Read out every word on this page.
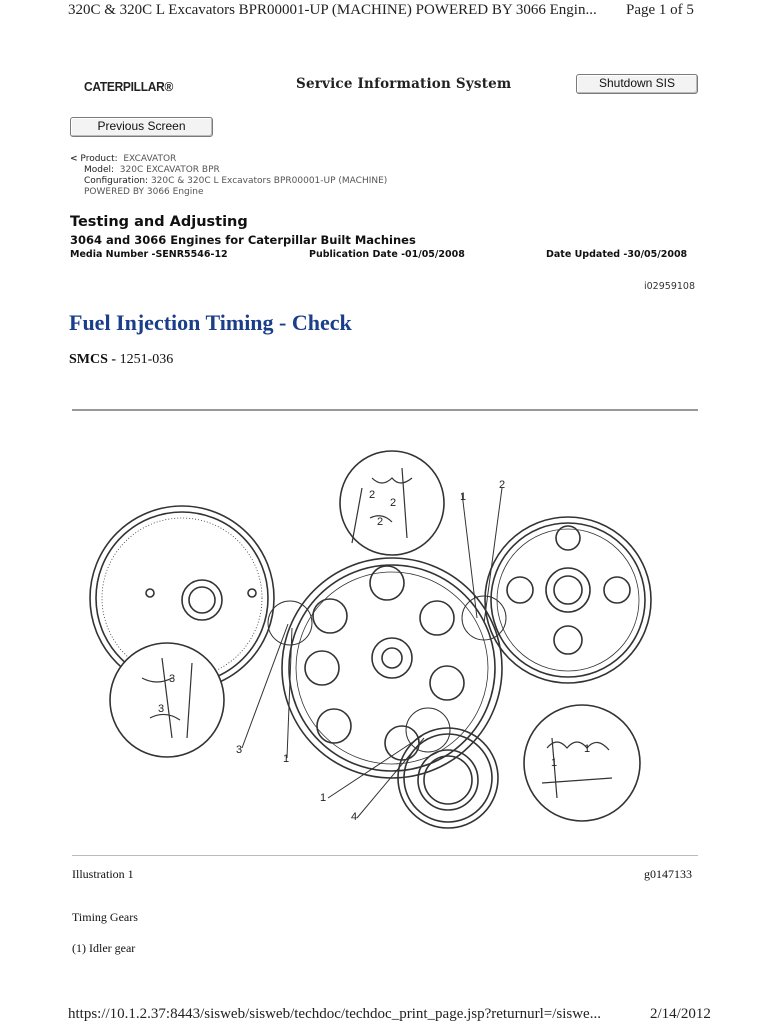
320C & 320C L Excavators BPR00001-UP (MACHINE) POWERED BY 3066 Engin... Page 1 of 5
CATERPILLAR®	Service Information System	Shutdown SIS
Previous Screen
< Product: EXCAVATOR
Model: 320C EXCAVATOR BPR
Configuration: 320C & 320C L Excavators BPR00001-UP (MACHINE)
POWERED BY 3066 Engine
Testing and Adjusting
3064 and 3066 Engines for Caterpillar Built Machines
Media Number -SENR5546-12	Publication Date -01/05/2008	Date Updated -30/05/2008
i02959108
Fuel Injection Timing - Check
SMCS - 1251-036
2
2
2
1
2
3
3
3
1
1
4
1
1
Illustration 1	g0147133
Timing Gears
(1) Idler gear
https://10.1.2.37:8443/sisweb/sisweb/techdoc/techdoc_print_page.jsp?returnurl=/siswe...	2/14/2012
